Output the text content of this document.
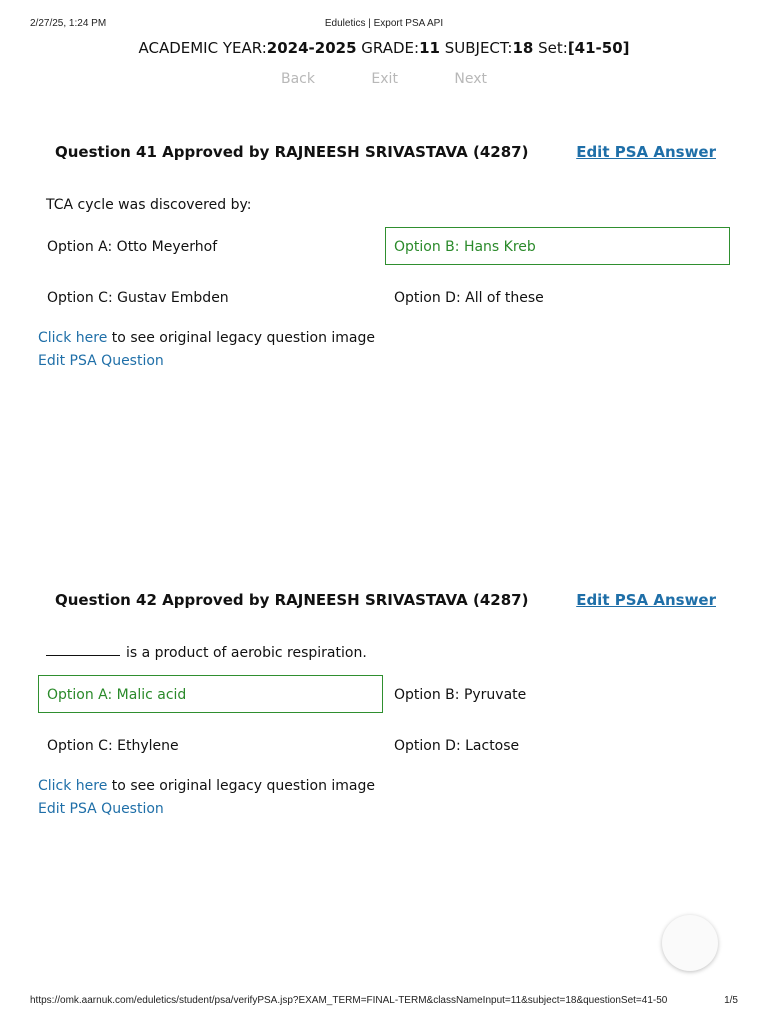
2/27/25, 1:24 PM	Eduletics | Export PSA API
ACADEMIC YEAR:2024-2025 GRADE:11 SUBJECT:18 Set:[41-50]
Back	Exit	Next
Question 41 Approved by RAJNEESH SRIVASTAVA (4287)	Edit PSA Answer
TCA cycle was discovered by:
Option A: Otto Meyerhof	Option B: Hans Kreb
Option C: Gustav Embden	Option D: All of these
Click here to see original legacy question image
Edit PSA Question
Question 42 Approved by RAJNEESH SRIVASTAVA (4287)	Edit PSA Answer
is a product of aerobic respiration.
Option A: Malic acid	Option B: Pyruvate
Option C: Ethylene	Option D: Lactose
Click here to see original legacy question image
Edit PSA Question
https://omk.aarnuk.com/eduletics/student/psa/verifyPSA.jsp?EXAM_TERM=FINAL-TERM&classNameInput=11&subject=18&questionSet=41-50	1/5
